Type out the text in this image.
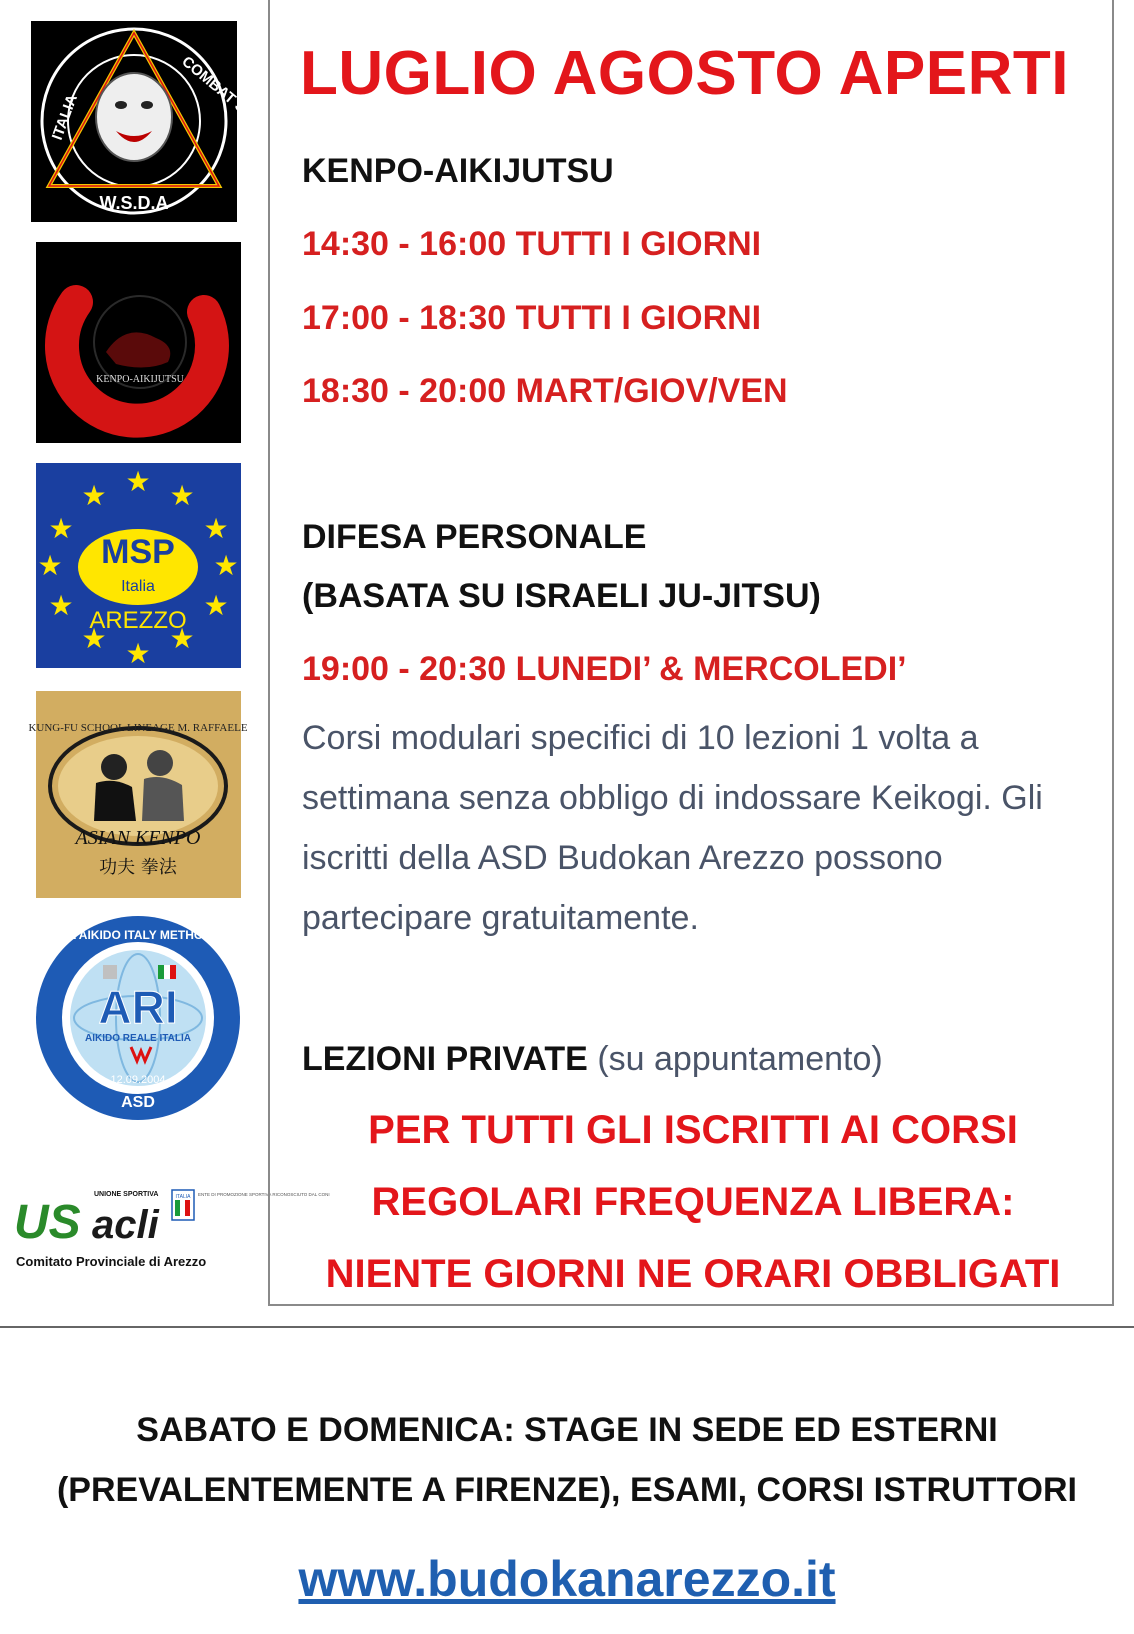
COMBAT SYSTEM
ITALIA
W.S.D.A
KENPO-AIKIJUTSU
★
★ ★
★	★
★	★
★	★
★ ★
★
MSP
Italia
AREZZO
KUNG-FU SCHOOL LINEAGE M. RAFFAELE
ASIAN KENPO
功夫 拳法
ARI
AIKIDO REALE ITALIA
12.09.2004
ASD
REAL AIKIDO ITALY METHOD RU
US acli
UNIONE SPORTIVA	ITALIA ENTE DI PROMOZIONE SPORTIVA RICONOSCIUTO DAL CONI
Comitato Provinciale di Arezzo
LUGLIO AGOSTO APERTI
KENPO-AIKIJUTSU
14:30 - 16:00 TUTTI I GIORNI
17:00 - 18:30 TUTTI I GIORNI
18:30 - 20:00 MART/GIOV/VEN
DIFESA PERSONALE
(BASATA SU ISRAELI JU-JITSU)
19:00 - 20:30 LUNEDI’ & MERCOLEDI’
Corsi modulari specifici di 10 lezioni 1 volta a settimana senza obbligo di indossare Keikogi. Gli iscritti della ASD Budokan Arezzo possono partecipare gratuitamente.
LEZIONI PRIVATE (su appuntamento)
PER TUTTI GLI ISCRITTI AI CORSI
REGOLARI FREQUENZA LIBERA:
NIENTE GIORNI NE ORARI OBBLIGATI
SABATO E DOMENICA: STAGE IN SEDE ED ESTERNI
(PREVALENTEMENTE A FIRENZE), ESAMI, CORSI ISTRUTTORI
www.budokanarezzo.it
